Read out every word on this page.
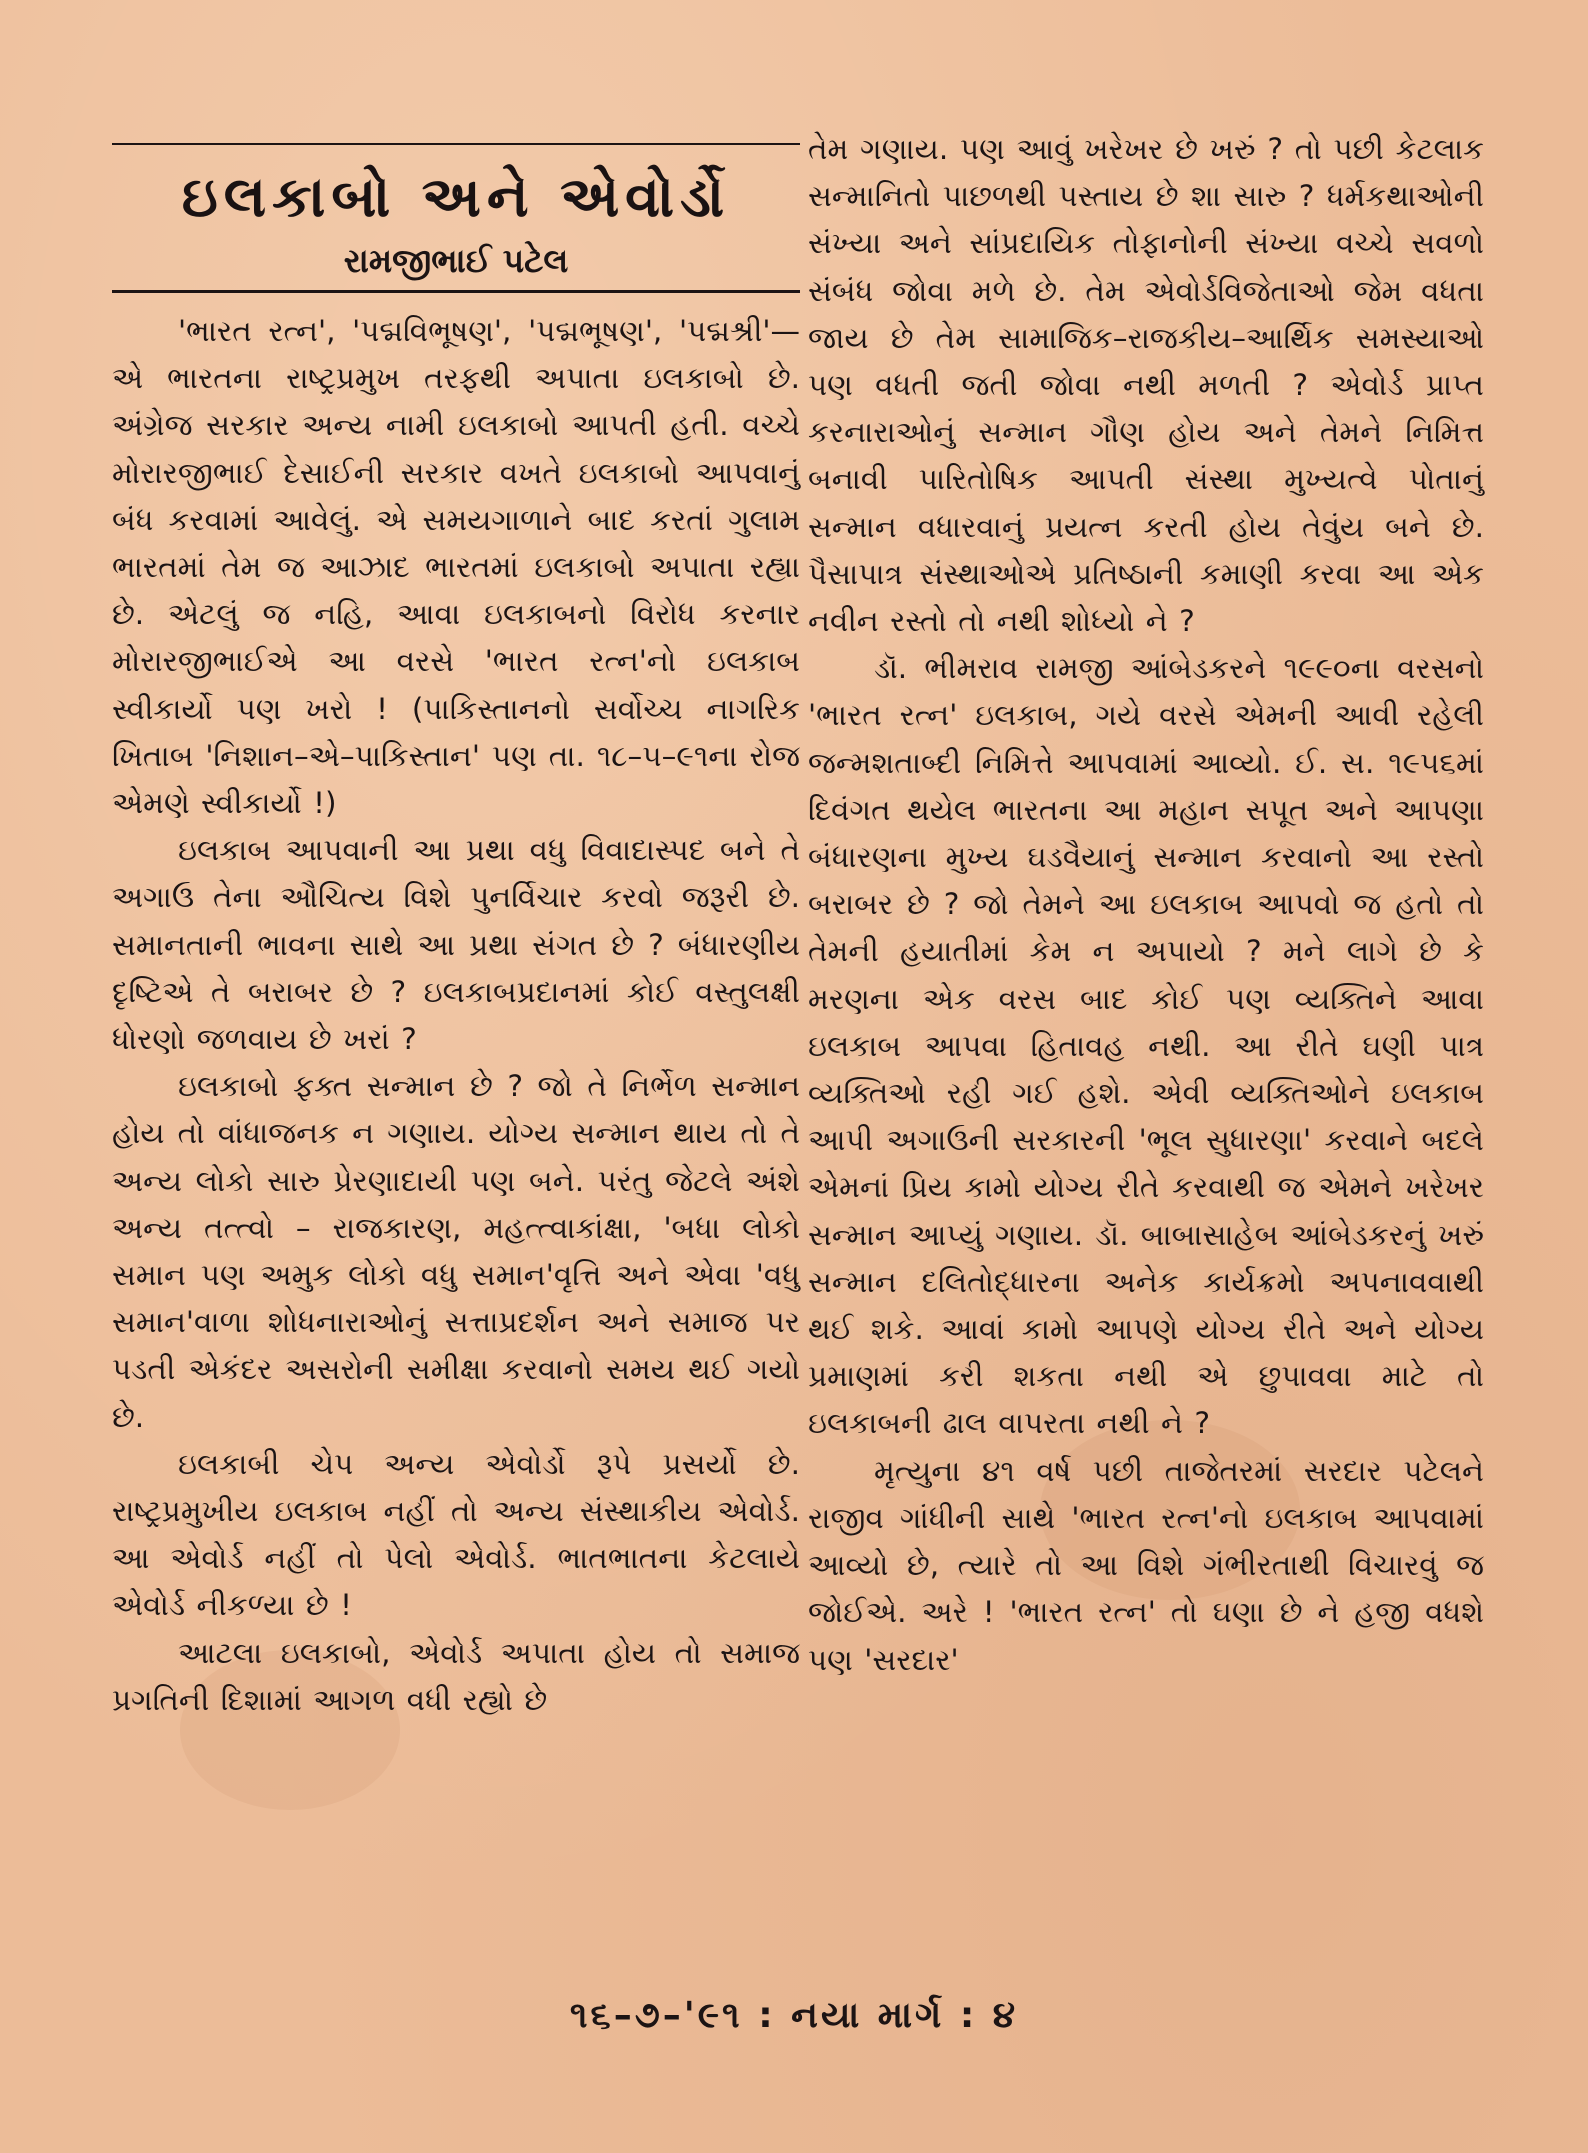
ઇલકાબો અને એવોર્ડો
રામજીભાઈ પટેલ

'ભારત રત્ન', 'પદ્મવિભૂષણ', 'પદ્મભૂષણ', 'પદ્મશ્રી'—એ ભારતના રાષ્ટ્રપ્રમુખ તરફથી અપાતા ઇલકાબો છે. અંગ્રેજ સરકાર અન્ય નામી ઇલકાબો આપતી હતી. વચ્ચે મોરારજીભાઈ દેસાઈની સરકાર વખતે ઇલકાબો આપવાનું બંધ કરવામાં આવેલું. એ સમયગાળાને બાદ કરતાં ગુલામ ભારતમાં તેમ જ આઝાદ ભારતમાં ઇલકાબો અપાતા રહ્યા છે. એટલું જ નહિ, આવા ઇલકાબનો વિરોધ કરનાર મોરારજીભાઈએ આ વરસે 'ભારત રત્ન'નો ઇલકાબ સ્વીકાર્યો પણ ખરો ! (પાકિસ્તાનનો સર્વોચ્ચ નાગરિક ખિતાબ 'નિશાન–એ–પાકિસ્તાન' પણ તા. ૧૮–૫–૯૧ના રોજ એમણે સ્વીકાર્યો !)

ઇલકાબ આપવાની આ પ્રથા વધુ વિવાદાસ્પદ બને તે અગાઉ તેના ઔચિત્ય વિશે પુનર્વિચાર કરવો જરૂરી છે. સમાનતાની ભાવના સાથે આ પ્રથા સંગત છે ? બંધારણીય દૃષ્ટિએ તે બરાબર છે ? ઇલકાબપ્રદાનમાં કોઈ વસ્તુલક્ષી ધોરણો જળવાય છે ખરાં ?

ઇલકાબો ફક્ત સન્માન છે ? જો તે નિર્ભેળ સન્માન હોય તો વાંધાજનક ન ગણાય. યોગ્ય સન્માન થાય તો તે અન્ય લોકો સારુ પ્રેરણાદાયી પણ બને. પરંતુ જેટલે અંશે અન્ય તત્ત્વો – રાજકારણ, મહત્ત્વાકાંક્ષા, 'બધા લોકો સમાન પણ અમુક લોકો વધુ સમાન'વૃત્તિ અને એવા 'વધુ સમાન'વાળા શોધનારાઓનું સત્તાપ્રદર્શન અને સમાજ પર પડતી એકંદર અસરોની સમીક્ષા કરવાનો સમય થઈ ગયો છે.

ઇલકાબી ચેપ અન્ય એવોર્ડો રૂપે પ્રસર્યો છે. રાષ્ટ્રપ્રમુખીય ઇલકાબ નહીં તો અન્ય સંસ્થાકીય એવોર્ડ. આ એવોર્ડ નહીં તો પેલો એવોર્ડ. ભાતભાતના કેટલાયે એવોર્ડ નીકળ્યા છે !

આટલા ઇલકાબો, એવોર્ડ અપાતા હોય તો સમાજ પ્રગતિની દિશામાં આગળ વધી રહ્યો છે

તેમ ગણાય. પણ આવું ખરેખર છે ખરું ? તો પછી કેટલાક સન્માનિતો પાછળથી પસ્તાય છે શા સારુ ? ધર્મકથાઓની સંખ્યા અને સાંપ્રદાયિક તોફાનોની સંખ્યા વચ્ચે સવળો સંબંધ જોવા મળે છે. તેમ એવોર્ડવિજેતાઓ જેમ વધતા જાય છે તેમ સામાજિક–રાજકીય–આર્થિક સમસ્યાઓ પણ વધતી જતી જોવા નથી મળતી ? એવોર્ડ પ્રાપ્ત કરનારાઓનું સન્માન ગૌણ હોય અને તેમને નિમિત્ત બનાવી પારિતોષિક આપતી સંસ્થા મુખ્યત્વે પોતાનું સન્માન વધારવાનું પ્રયત્ન કરતી હોય તેવુંય બને છે. પૈસાપાત્ર સંસ્થાઓએ પ્રતિષ્ઠાની કમાણી કરવા આ એક નવીન રસ્તો તો નથી શોધ્યો ને ?

ડૉ. ભીમરાવ રામજી આંબેડકરને ૧૯૯૦ના વરસનો 'ભારત રત્ન' ઇલકાબ, ગયે વરસે એમની આવી રહેલી જન્મશતાબ્દી નિમિત્તે આપવામાં આવ્યો. ઈ. સ. ૧૯૫૬માં દિવંગત થયેલ ભારતના આ મહાન સપૂત અને આપણા બંધારણના મુખ્ય ઘડવૈયાનું સન્માન કરવાનો આ રસ્તો બરાબર છે ? જો તેમને આ ઇલકાબ આપવો જ હતો તો તેમની હયાતીમાં કેમ ન અપાયો ? મને લાગે છે કે મરણના એક વરસ બાદ કોઈ પણ વ્યક્તિને આવા ઇલકાબ આપવા હિતાવહ નથી. આ રીતે ઘણી પાત્ર વ્યક્તિઓ રહી ગઈ હશે. એવી વ્યક્તિઓને ઇલકાબ આપી અગાઉની સરકારની 'ભૂલ સુધારણા' કરવાને બદલે એમનાં પ્રિય કામો યોગ્ય રીતે કરવાથી જ એમને ખરેખર સન્માન આપ્યું ગણાય. ડૉ. બાબાસાહેબ આંબેડકરનું ખરું સન્માન દલિતોદ્ધારના અનેક કાર્યક્રમો અપનાવવાથી થઈ શકે. આવાં કામો આપણે યોગ્ય રીતે અને યોગ્ય પ્રમાણમાં કરી શકતા નથી એ છુપાવવા માટે તો ઇલકાબની ઢાલ વાપરતા નથી ને ?

મૃત્યુના ૪૧ વર્ષ પછી તાજેતરમાં સરદાર પટેલને રાજીવ ગાંધીની સાથે 'ભારત રત્ન'નો ઇલકાબ આપવામાં આવ્યો છે, ત્યારે તો આ વિશે ગંભીરતાથી વિચારવું જ જોઈએ. અરે ! 'ભારત રત્ન' તો ઘણા છે ને હજી વધશે પણ 'સરદાર'

૧૬–૭–'૯૧ : નયા માર્ગ : ૪
